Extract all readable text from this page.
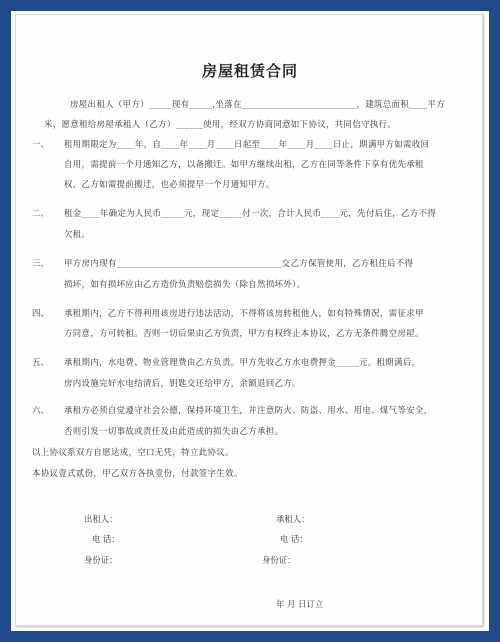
房屋租赁合同
房屋出租人（甲方）_____现有_____,坐落在_________________________，建筑总面积____平方
米，愿意租给房屋承租人（乙方）______使用，经双方协商同意如下协议，共同信守执行。
一、 租用期限定为____年，自____年____月____日起至____年____月____日止，期满甲方如需收回
自用，需提前一个月通知乙方，以备搬迁。如甲方继续出租，乙方在同等条件下享有优先承租
权，乙方如需提前搬迁，也必须提早一个月通知甲方。
二、 租金____年确定为人民币_____元，现定_____付一次，合计人民币____元，先付后住，乙方不得
欠租。
三、 甲方房内现有____________________________________交乙方保管使用，乙方租住后不得
损坏，如有损坏应由乙方造价负责赔偿损失（除自然损坏外）。
四、 承租期内，乙方不得利用该房进行违法活动，不得将该房转租他人，如有特殊情况，需征求甲
方同意，方可转租。否则一切后果由乙方负责，甲方有权终止本协议，乙方无条件腾空房屋。
五、 承租期内，水电费、物业管理费由乙方负责。甲方先收乙方水电费押金_____元。租期满后，
房内设施完好水电结清后，钥匙交还给甲方，余额退回乙方。
六、 承租方必须自觉遵守社会公德，保持环境卫生，并注意防火、防盗、用水、用电、煤气等安全，
否则引发一切事故或责任及由此造成的损失由乙方承担。
以上协议系双方自愿达成，空口无凭，特立此协议。
本协议壹式贰份，甲乙双方各执壹份，付款签字生效。
出租人：	承租人：
电 话：	电 话：
身份证：	身份证：
年 月 日订立
